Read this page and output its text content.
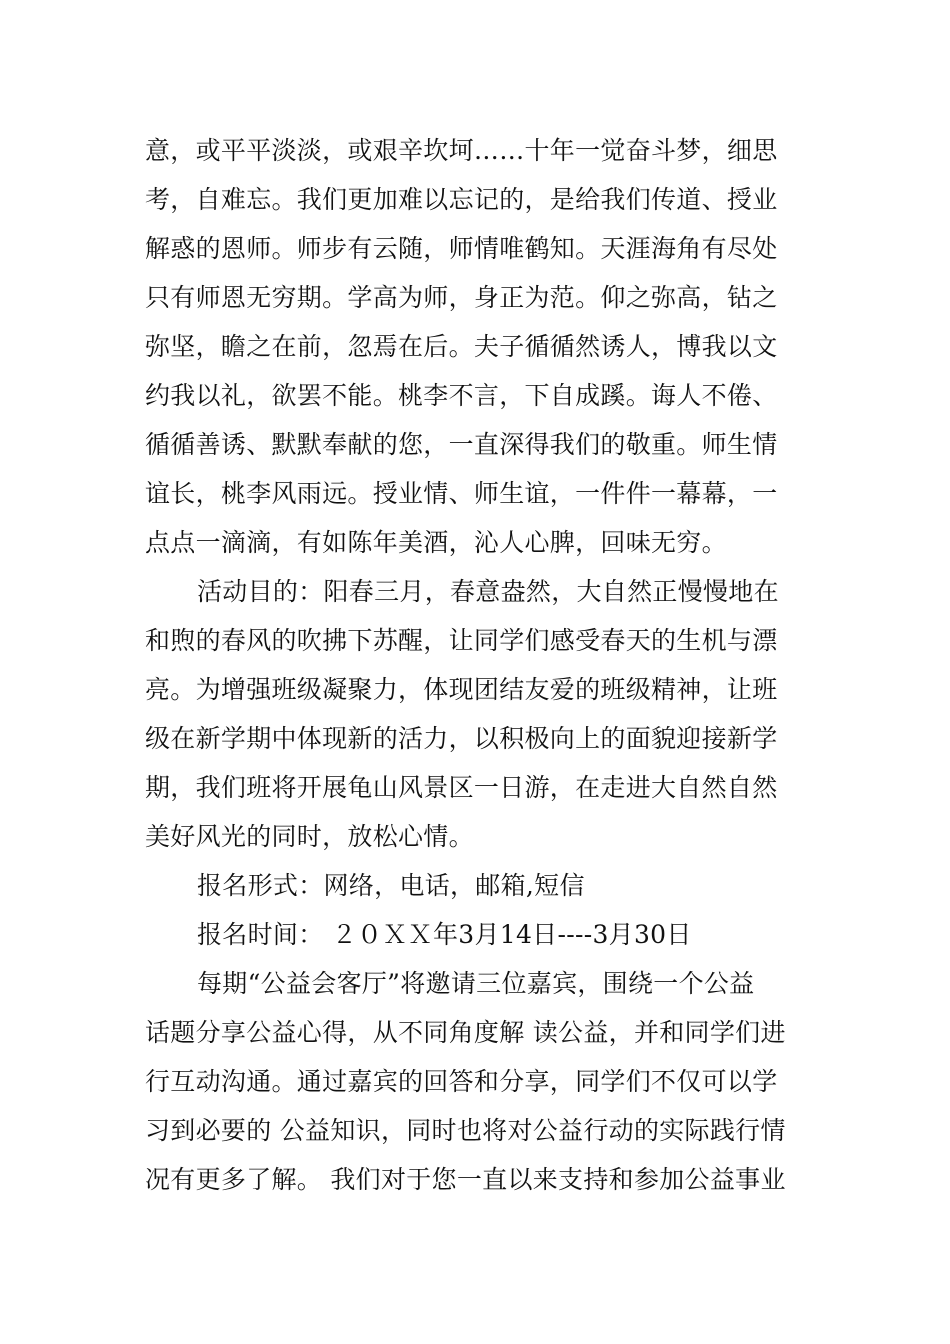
意，或平平淡淡，或艰辛坎坷……十年一觉奋斗梦，细思
考，自难忘。我们更加难以忘记的，是给我们传道、授业
解惑的恩师。师步有云随，师情唯鹤知。天涯海角有尽处
只有师恩无穷期。学高为师，身正为范。仰之弥高，钻之
弥坚，瞻之在前，忽焉在后。夫子循循然诱人，博我以文
约我以礼，欲罢不能。桃李不言，下自成蹊。诲人不倦、
循循善诱、默默奉献的您，一直深得我们的敬重。师生情
谊长，桃李风雨远。授业情、师生谊，一件件一幕幕，一
点点一滴滴，有如陈年美酒，沁人心脾，回味无穷。
活动目的：阳春三月，春意盎然，大自然正慢慢地在
和煦的春风的吹拂下苏醒，让同学们感受春天的生机与漂
亮。为增强班级凝聚力，体现团结友爱的班级精神，让班
级在新学期中体现新的活力，以积极向上的面貌迎接新学
期，我们班将开展龟山风景区一日游，在走进大自然自然
美好风光的同时，放松心情。
报名形式：网络，电话，邮箱,短信
报名时间： ２０ＸＸ年3月14日----3月30日
每期“公益会客厅”将邀请三位嘉宾，围绕一个公益
话题分享公益心得，从不同角度解 读公益，并和同学们进
行互动沟通。通过嘉宾的回答和分享，同学们不仅可以学
习到必要的 公益知识，同时也将对公益行动的实际践行情
况有更多了解。 我们对于您一直以来支持和参加公益事业
